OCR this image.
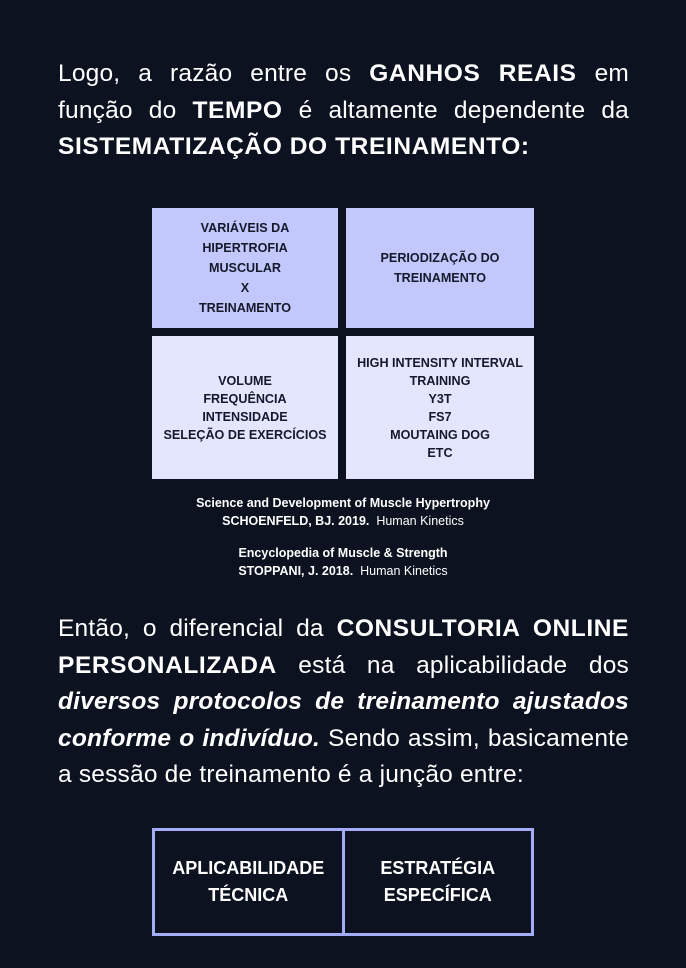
Logo, a razão entre os GANHOS REAIS em função do TEMPO é altamente dependente da SISTEMATIZAÇÃO DO TREINAMENTO:
VARIÁVEIS DA
HIPERTROFIA
MUSCULAR
X
TREINAMENTO
PERIODIZAÇÃO DO
TREINAMENTO
VOLUME
FREQUÊNCIA
INTENSIDADE
SELEÇÃO DE EXERCÍCIOS
HIGH INTENSITY INTERVAL
TRAINING
Y3T
FS7
MOUTAING DOG
ETC
Science and Development of Muscle Hypertrophy
SCHOENFELD, BJ. 2019. Human Kinetics
Encyclopedia of Muscle & Strength
STOPPANI, J. 2018. Human Kinetics
Então, o diferencial da CONSULTORIA ONLINE PERSONALIZADA está na aplicabilidade dos diversos protocolos de treinamento ajustados conforme o indivíduo. Sendo assim, basicamente a sessão de treinamento é a junção entre:
APLICABILIDADE
TÉCNICA
ESTRATÉGIA
ESPECÍFICA
